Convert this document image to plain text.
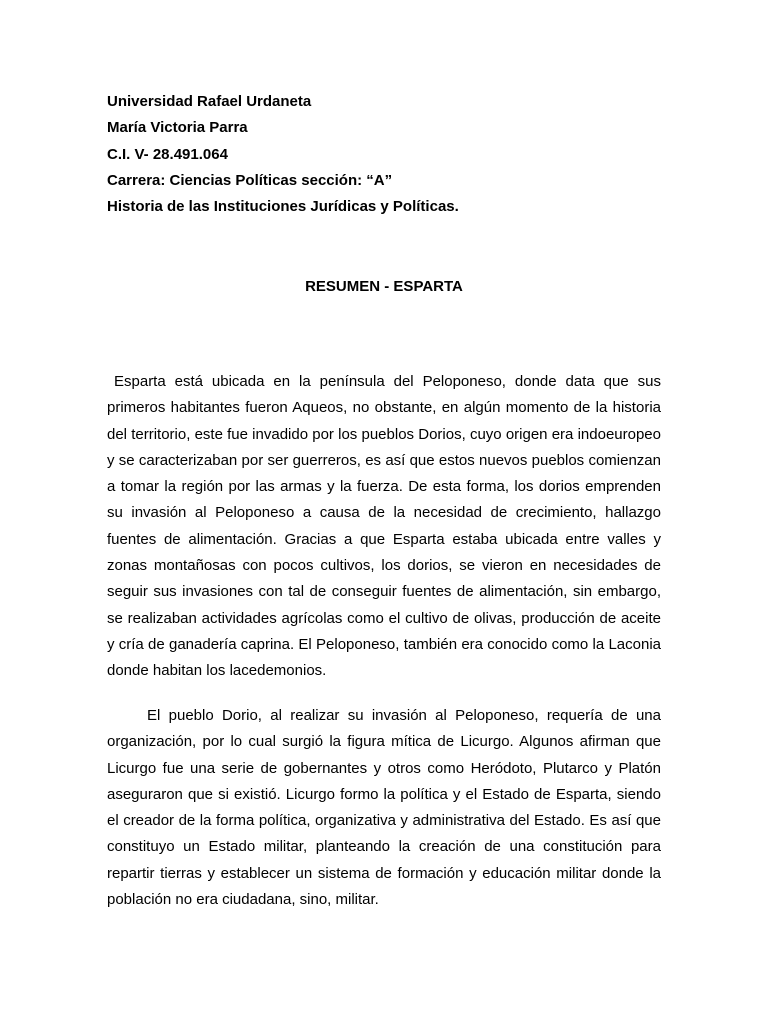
Universidad Rafael Urdaneta
María Victoria Parra
C.I. V- 28.491.064
Carrera: Ciencias Políticas sección: “A”
Historia de las Instituciones Jurídicas y Políticas.
RESUMEN - ESPARTA

Esparta está ubicada en la península del Peloponeso, donde data que sus primeros habitantes fueron Aqueos, no obstante, en algún momento de la historia del territorio, este fue invadido por los pueblos Dorios, cuyo origen era indoeuropeo y se caracterizaban por ser guerreros, es así que estos nuevos pueblos comienzan a tomar la región por las armas y la fuerza. De esta forma, los dorios emprenden su invasión al Peloponeso a causa de la necesidad de crecimiento, hallazgo fuentes de alimentación. Gracias a que Esparta estaba ubicada entre valles y zonas montañosas con pocos cultivos, los dorios, se vieron en necesidades de seguir sus invasiones con tal de conseguir fuentes de alimentación, sin embargo, se realizaban actividades agrícolas como el cultivo de olivas, producción de aceite y cría de ganadería caprina. El Peloponeso, también era conocido como la Laconia donde habitan los lacedemonios.

El pueblo Dorio, al realizar su invasión al Peloponeso, requería de una organización, por lo cual surgió la figura mítica de Licurgo. Algunos afirman que Licurgo fue una serie de gobernantes y otros como Heródoto, Plutarco y Platón aseguraron que si existió. Licurgo formo la política y el Estado de Esparta, siendo el creador de la forma política, organizativa y administrativa del Estado. Es así que constituyo un Estado militar, planteando la creación de una constitución para repartir tierras y establecer un sistema de formación y educación militar donde la población no era ciudadana, sino, militar.
